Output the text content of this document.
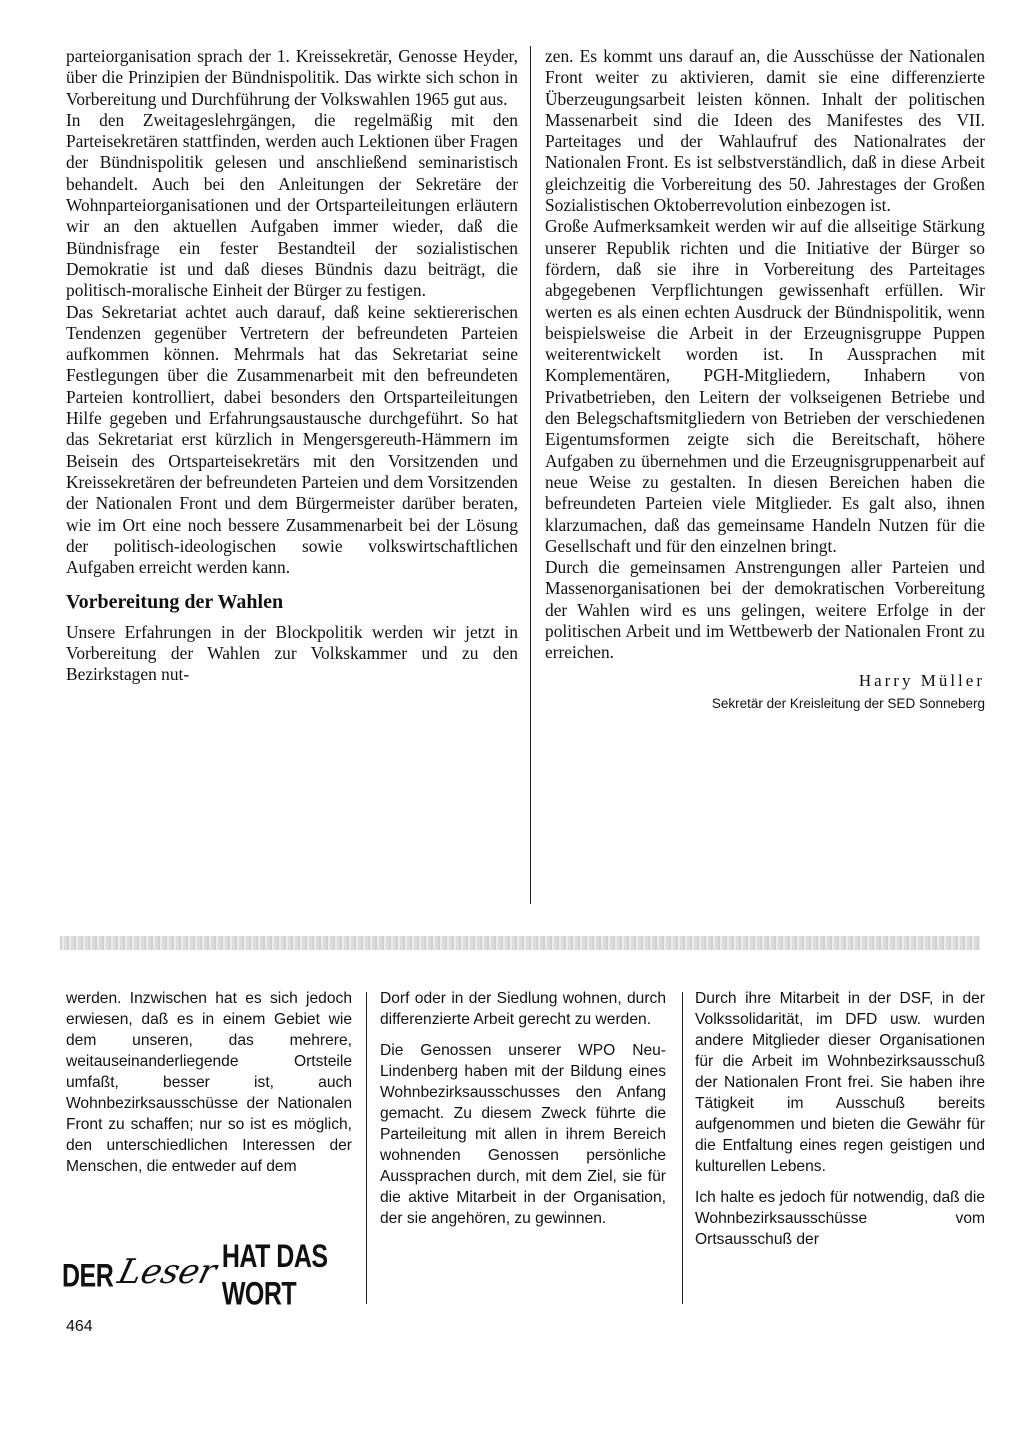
parteiorganisation sprach der 1. Kreissekretär, Genosse Heyder, über die Prinzipien der Bündnispolitik. Das wirkte sich schon in Vorbereitung und Durchführung der Volkswahlen 1965 gut aus.

In den Zweitageslehrgängen, die regelmäßig mit den Parteisekretären stattfinden, werden auch Lektionen über Fragen der Bündnispolitik gelesen und anschließend seminaristisch behandelt. Auch bei den Anleitungen der Sekretäre der Wohnparteiorganisationen und der Ortsparteileitungen erläutern wir an den aktuellen Aufgaben immer wieder, daß die Bündnisfrage ein fester Bestandteil der sozialistischen Demokratie ist und daß dieses Bündnis dazu beiträgt, die politisch-moralische Einheit der Bürger zu festigen.

Das Sekretariat achtet auch darauf, daß keine sektiererischen Tendenzen gegenüber Vertretern der befreundeten Parteien aufkommen können. Mehrmals hat das Sekretariat seine Festlegungen über die Zusammenarbeit mit den befreundeten Parteien kontrolliert, dabei besonders den Ortsparteileitungen Hilfe gegeben und Erfahrungsaustausche durchgeführt. So hat das Sekretariat erst kürzlich in Mengersgereuth-Hämmern im Beisein des Ortsparteisekretärs mit den Vorsitzenden und Kreissekretären der befreundeten Parteien und dem Vorsitzenden der Nationalen Front und dem Bürgermeister darüber beraten, wie im Ort eine noch bessere Zusammenarbeit bei der Lösung der politisch-ideologischen sowie volkswirtschaftlichen Aufgaben erreicht werden kann.

Vorbereitung der Wahlen

Unsere Erfahrungen in der Blockpolitik werden wir jetzt in Vorbereitung der Wahlen zur Volkskammer und zu den Bezirkstagen nut-

zen. Es kommt uns darauf an, die Ausschüsse der Nationalen Front weiter zu aktivieren, damit sie eine differenzierte Überzeugungsarbeit leisten können. Inhalt der politischen Massenarbeit sind die Ideen des Manifestes des VII. Parteitages und der Wahlaufruf des Nationalrates der Nationalen Front. Es ist selbstverständlich, daß in diese Arbeit gleichzeitig die Vorbereitung des 50. Jahrestages der Großen Sozialistischen Oktoberrevolution einbezogen ist.

Große Aufmerksamkeit werden wir auf die allseitige Stärkung unserer Republik richten und die Initiative der Bürger so fördern, daß sie ihre in Vorbereitung des Parteitages abgegebenen Verpflichtungen gewissenhaft erfüllen. Wir werten es als einen echten Ausdruck der Bündnispolitik, wenn beispielsweise die Arbeit in der Erzeugnisgruppe Puppen weiterentwickelt worden ist. In Aussprachen mit Komplementären, PGH-Mitgliedern, Inhabern von Privatbetrieben, den Leitern der volkseigenen Betriebe und den Belegschaftsmitgliedern von Betrieben der verschiedenen Eigentumsformen zeigte sich die Bereitschaft, höhere Aufgaben zu übernehmen und die Erzeugnisgruppenarbeit auf neue Weise zu gestalten. In diesen Bereichen haben die befreundeten Parteien viele Mitglieder. Es galt also, ihnen klarzumachen, daß das gemeinsame Handeln Nutzen für die Gesellschaft und für den einzelnen bringt.

Durch die gemeinsamen Anstrengungen aller Parteien und Massenorganisationen bei der demokratischen Vorbereitung der Wahlen wird es uns gelingen, weitere Erfolge in der politischen Arbeit und im Wettbewerb der Nationalen Front zu erreichen.

Harry Müller

Sekretär der Kreisleitung der SED Sonneberg

werden. Inzwischen hat es sich jedoch erwiesen, daß es in einem Gebiet wie dem unseren, das mehrere, weitauseinanderliegende Ortsteile umfaßt, besser ist, auch Wohnbezirksausschüsse der Nationalen Front zu schaffen; nur so ist es möglich, den unterschiedlichen Interessen der Menschen, die entweder auf dem

Dorf oder in der Siedlung wohnen, durch differenzierte Arbeit gerecht zu werden.

Die Genossen unserer WPO Neu-Lindenberg haben mit der Bildung eines Wohnbezirksausschusses den Anfang gemacht. Zu diesem Zweck führte die Parteileitung mit allen in ihrem Bereich wohnenden Genossen persönliche Aussprachen durch, mit dem Ziel, sie für die aktive Mitarbeit in der Organisation, der sie angehören, zu gewinnen.

Durch ihre Mitarbeit in der DSF, in der Volkssolidarität, im DFD usw. wurden andere Mitglieder dieser Organisationen für die Arbeit im Wohnbezirksausschuß der Nationalen Front frei. Sie haben ihre Tätigkeit im Ausschuß bereits aufgenommen und bieten die Gewähr für die Entfaltung eines regen geistigen und kulturellen Lebens.

Ich halte es jedoch für notwendig, daß die Wohnbezirksausschüsse vom Ortsausschuß der

DER Leser HAT DAS WORT
464
